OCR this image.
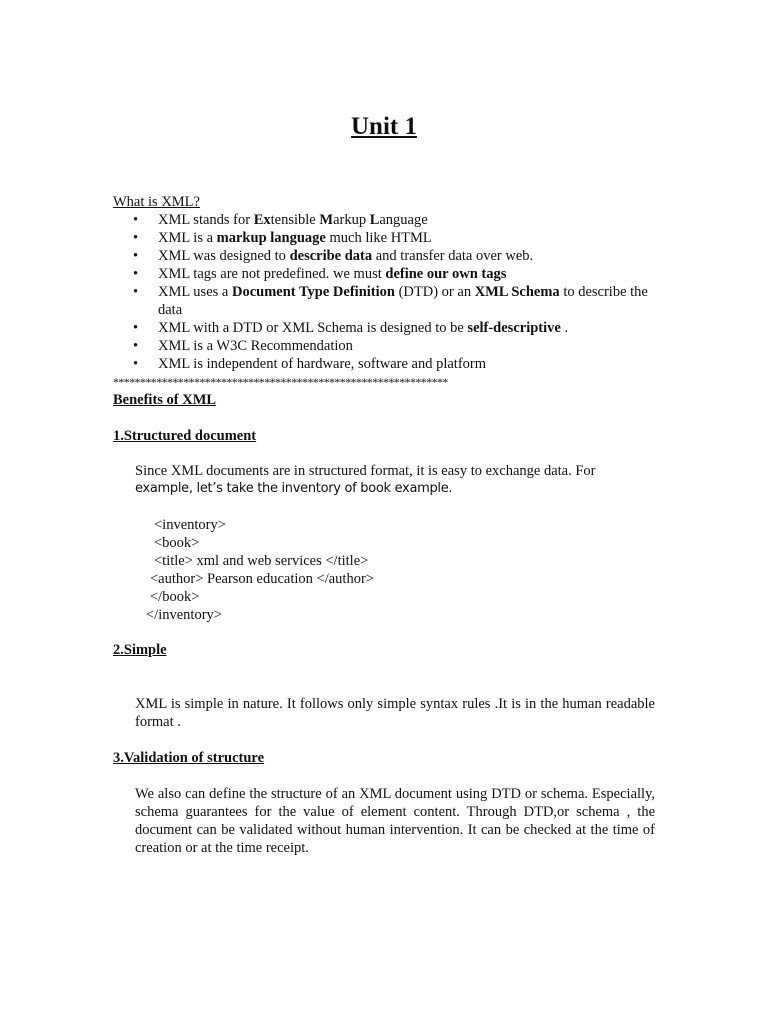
Unit 1
What is XML?
• XML stands for Extensible Markup Language
• XML is a markup language much like HTML
• XML was designed to describe data and transfer data over web.
• XML tags are not predefined. we must define our own tags
• XML uses a Document Type Definition (DTD) or an XML Schema to describe the data
• XML with a DTD or XML Schema is designed to be self-descriptive .
• XML is a W3C Recommendation
• XML is independent of hardware, software and platform
**************************************************************
Benefits of XML
1.Structured document
Since XML documents are in structured format, it is easy to exchange data. For
example, let’s take the inventory of book example.
<inventory>
<book>
<title> xml and web services </title>
<author> Pearson education </author>
</book>
</inventory>
2.Simple
XML is simple in nature. It follows only simple syntax rules .It is in the human readable format .
3.Validation of structure
We also can define the structure of an XML document using DTD or schema. Especially, schema guarantees for the value of element content. Through DTD,or schema , the document can be validated without human intervention. It can be checked at the time of creation or at the time receipt.
